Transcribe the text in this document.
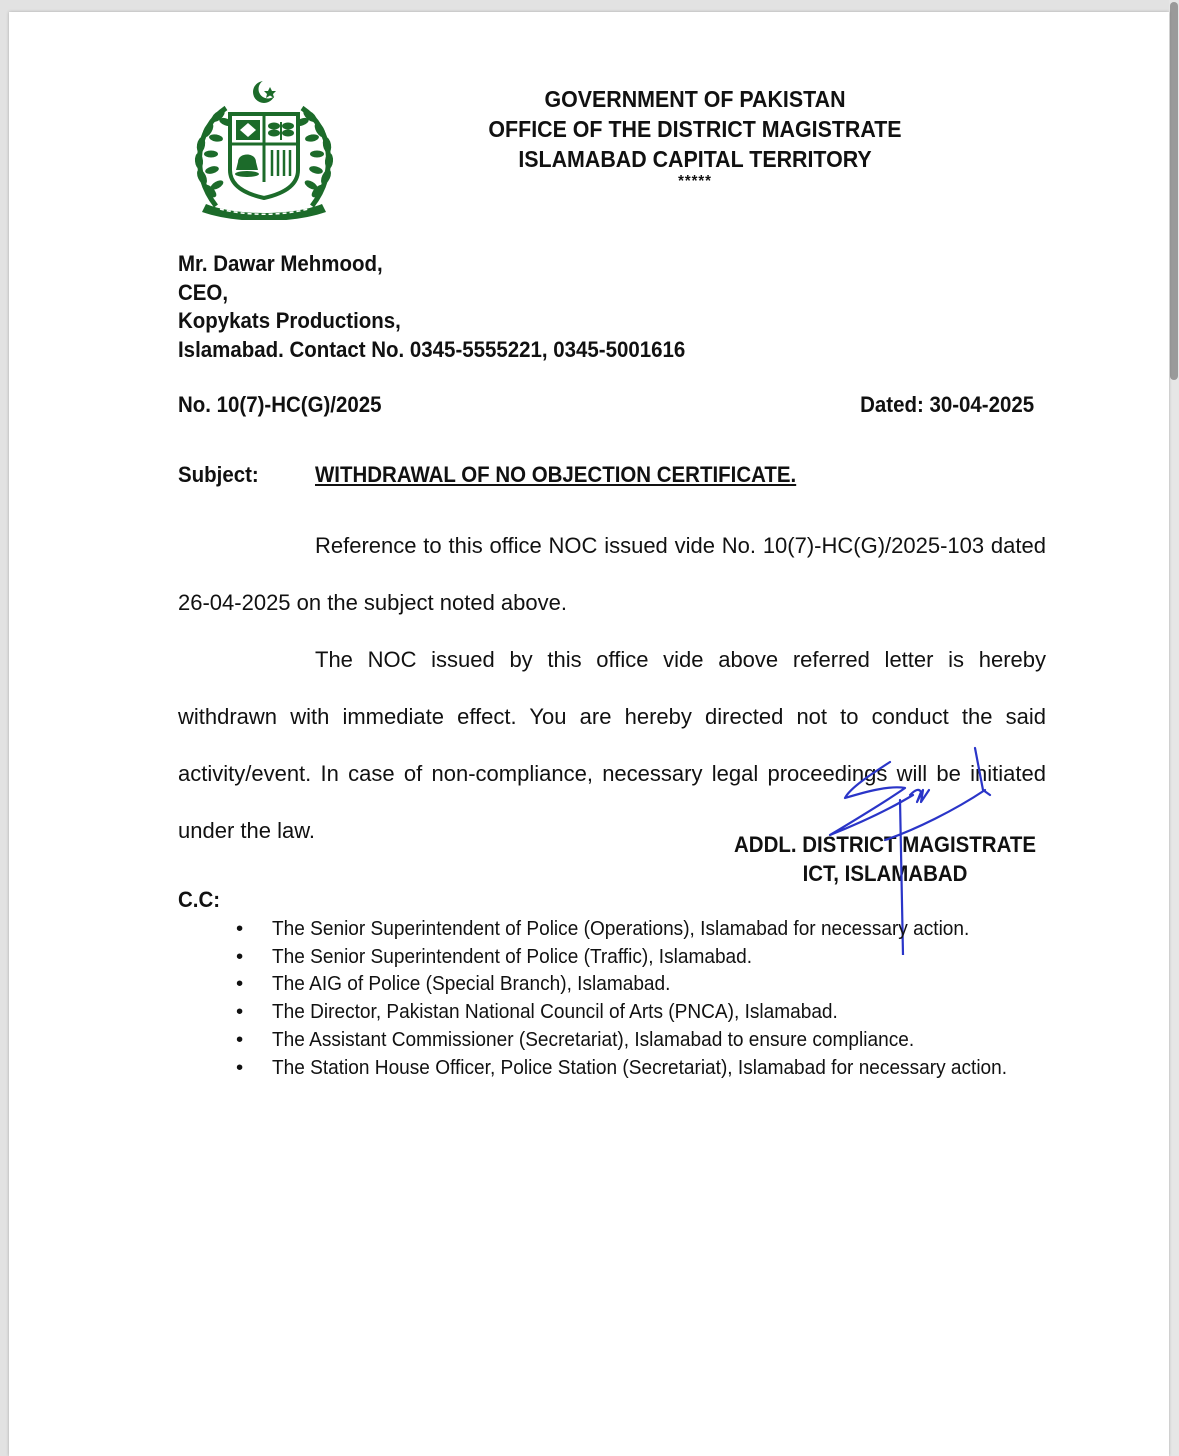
GOVERNMENT OF PAKISTAN
OFFICE OF THE DISTRICT MAGISTRATE
ISLAMABAD CAPITAL TERRITORY
*****
Mr. Dawar Mehmood,
CEO,
Kopykats Productions,
Islamabad. Contact No. 0345-5555221, 0345-5001616
No. 10(7)-HC(G)/2025	Dated: 30-04-2025
Subject:	WITHDRAWAL OF NO OBJECTION CERTIFICATE.

Reference to this office NOC issued vide No. 10(7)-HC(G)/2025-103 dated 26-04-2025 on the subject noted above.

The NOC issued by this office vide above referred letter is hereby withdrawn with immediate effect. You are hereby directed not to conduct the said activity/event. In case of non-compliance, necessary legal proceedings will be initiated under the law.

ADDL. DISTRICT MAGISTRATE
ICT, ISLAMABAD
C.C:
• The Senior Superintendent of Police (Operations), Islamabad for necessary action.
• The Senior Superintendent of Police (Traffic), Islamabad.
• The AIG of Police (Special Branch), Islamabad.
• The Director, Pakistan National Council of Arts (PNCA), Islamabad.
• The Assistant Commissioner (Secretariat), Islamabad to ensure compliance.
• The Station House Officer, Police Station (Secretariat), Islamabad for necessary action.
